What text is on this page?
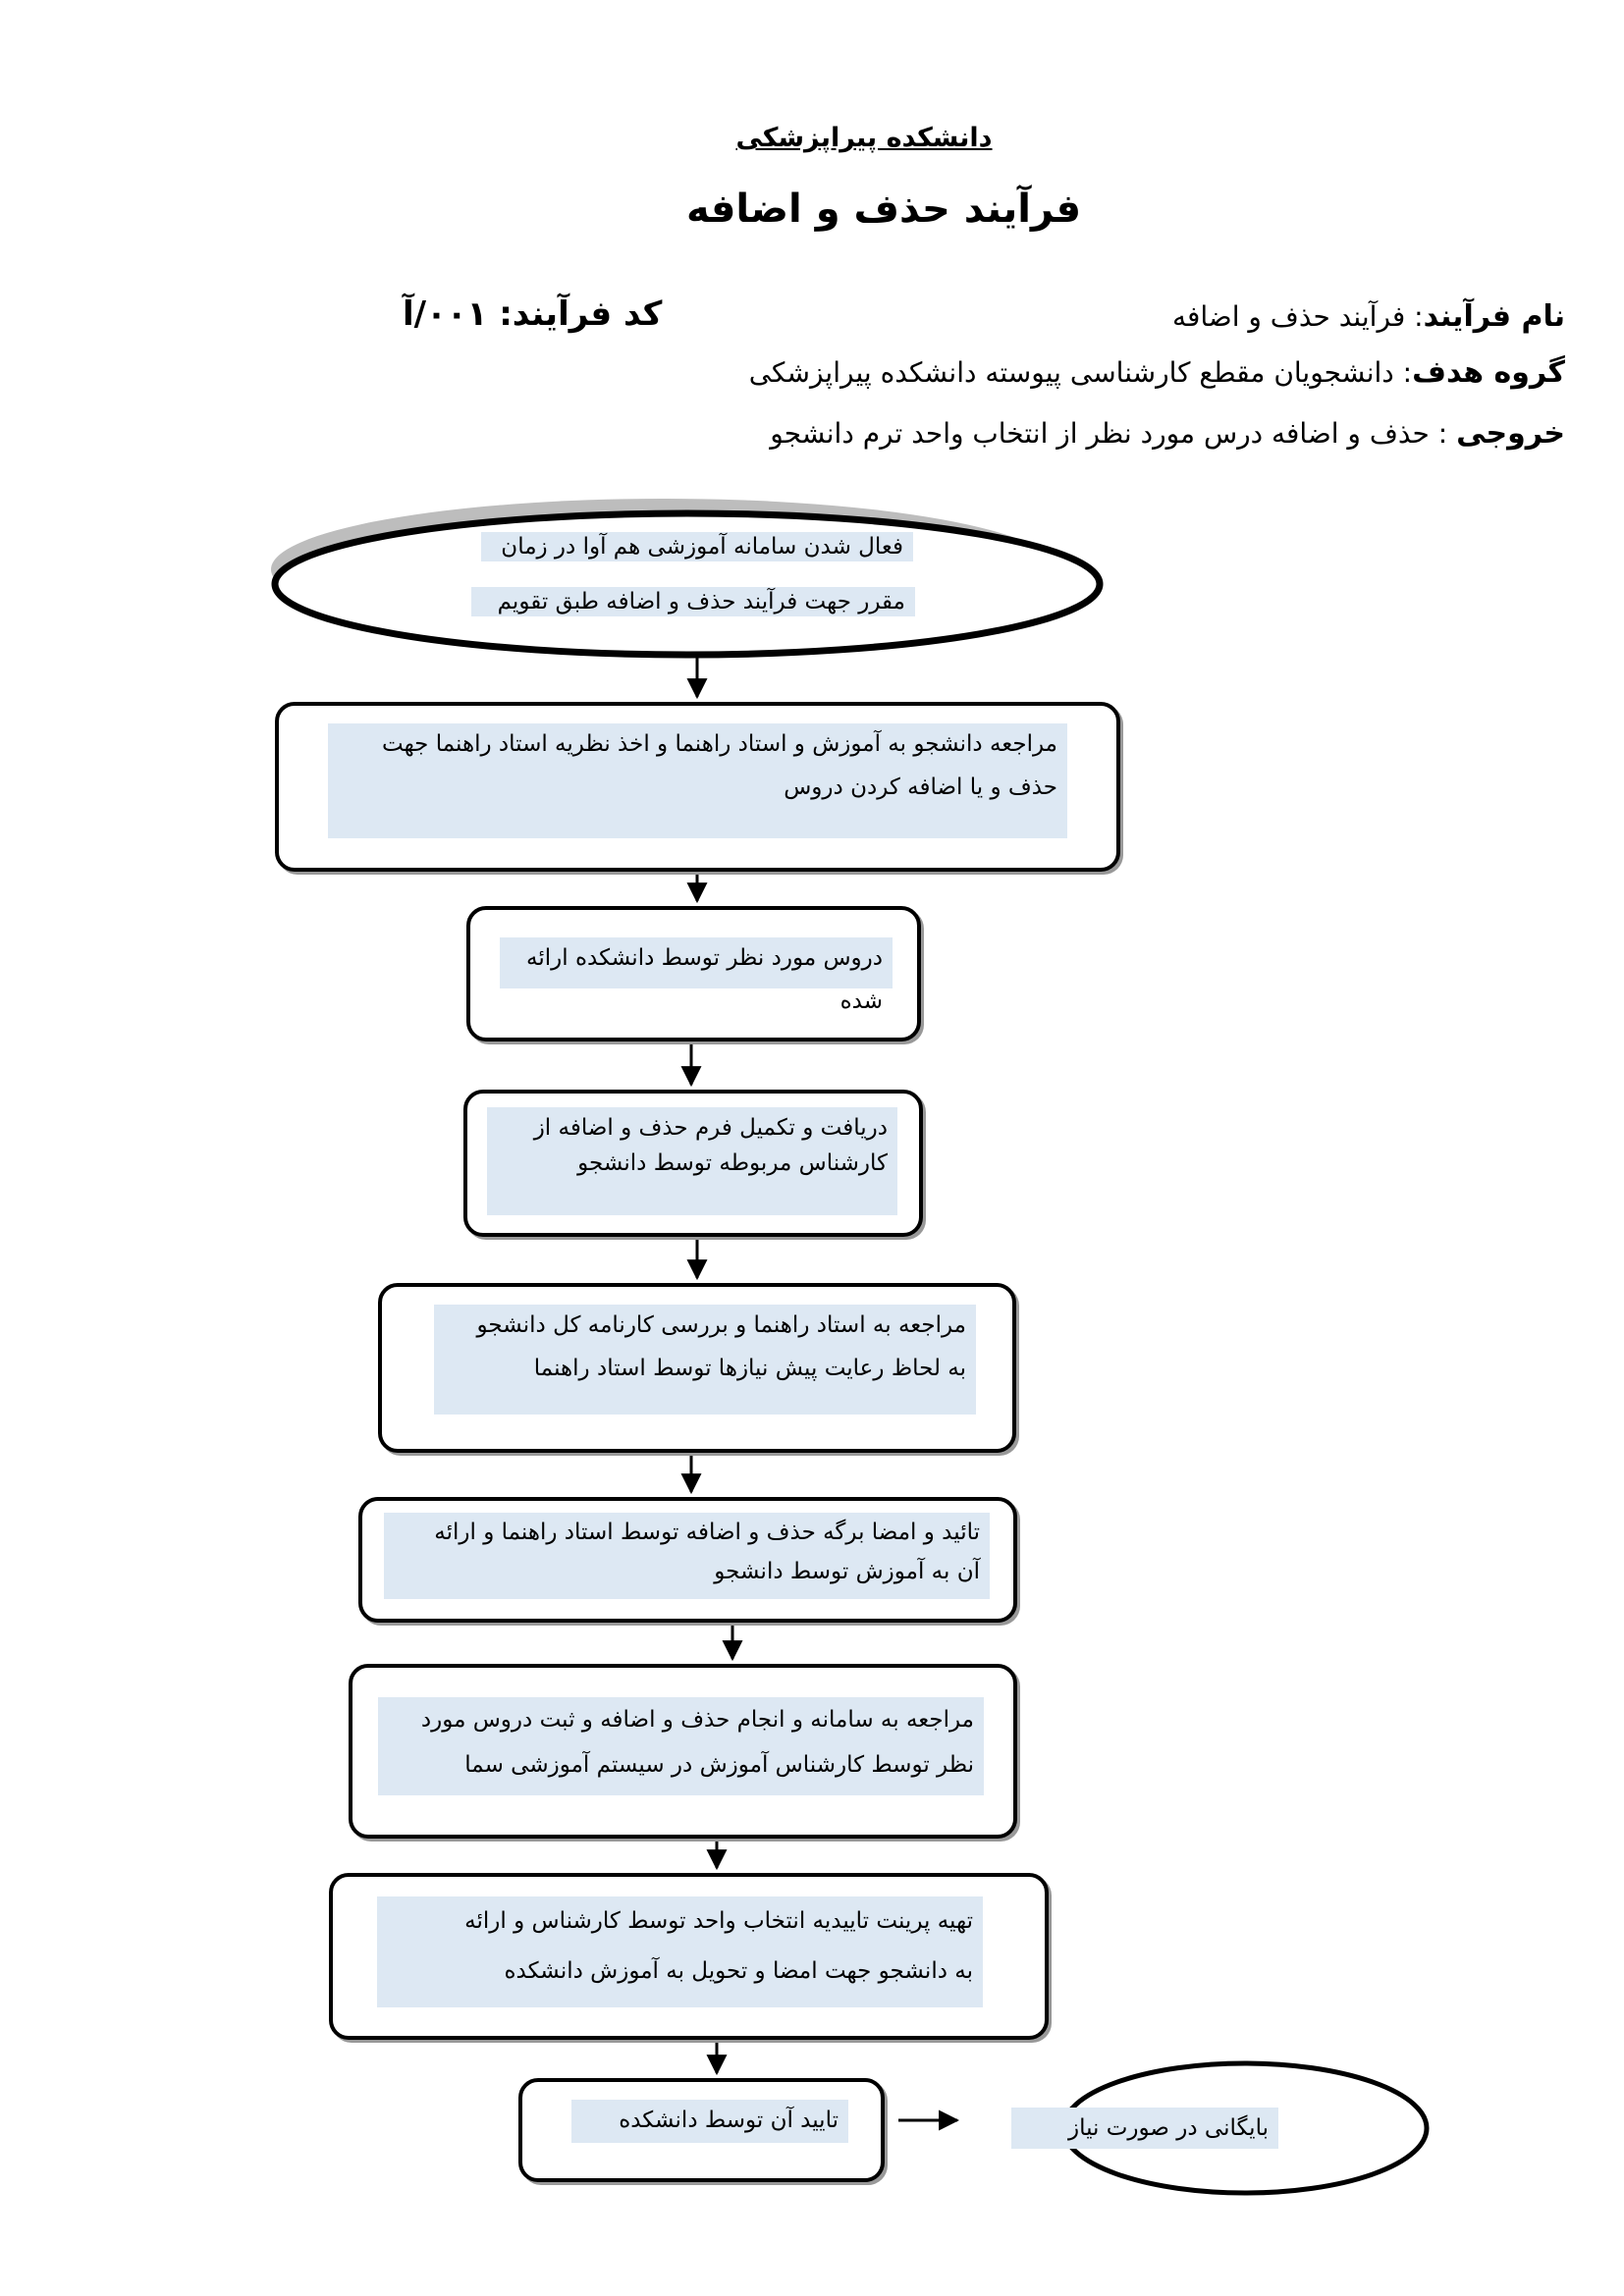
دانشکده پیراپزشکی
فرآیند حذف و اضافه
کد فرآیند: ۰۰۱/آ	نام فرآیند: فرآیند حذف و اضافه
گروه هدف: دانشجویان مقطع کارشناسی پیوسته دانشکده پیراپزشکی
خروجی : حذف و اضافه درس مورد نظر از انتخاب واحد ترم دانشجو
فعال شدن سامانه آموزشی هم آوا در زمان
مقرر جهت فرآیند حذف و اضافه طبق تقویم
مراجعه دانشجو به آموزش و استاد راهنما و اخذ نظریه استاد راهنما جهت
حذف و یا اضافه کردن دروس
دروس مورد نظر توسط دانشکده ارائه شده
دریافت و تکمیل فرم حذف و اضافه از
کارشناس مربوطه توسط دانشجو
مراجعه به استاد راهنما و بررسی کارنامه کل دانشجو
به لحاظ رعایت پیش نیازها توسط استاد راهنما
تائید و امضا برگه حذف و اضافه توسط استاد راهنما و ارائه
آن به آموزش توسط دانشجو
مراجعه به سامانه و انجام حذف و اضافه و ثبت دروس مورد
نظر توسط کارشناس آموزش در سیستم آموزشی سما
تهیه پرینت تاییدیه انتخاب واحد توسط کارشناس و ارائه
به دانشجو جهت امضا و تحویل به آموزش دانشکده
تایید آن توسط دانشکده	بایگانی در صورت نیاز
